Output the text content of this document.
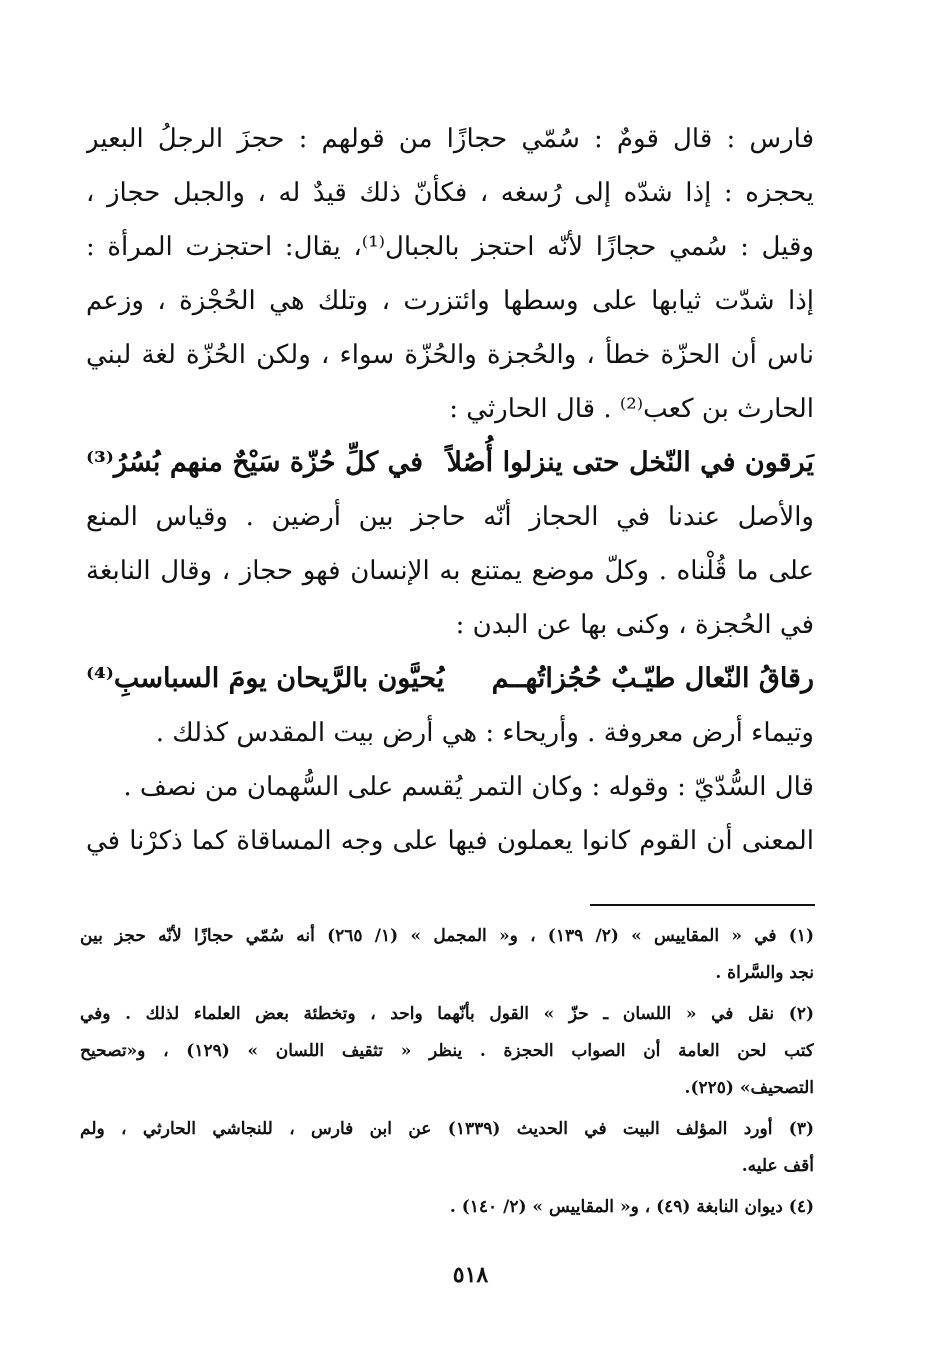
فارس : قال قومٌ : سُمّي حجازًا من قولهم : حجزَ الرجلُ البعير
يحجزه : إذا شدّه إلى رُسغه ، فكأنّ ذلك قيدٌ له ، والجبل حجاز ،
وقيل : سُمي حجازًا لأنّه احتجز بالجبال⁽¹⁾، يقال: احتجزت المرأة :
إذا شدّت ثيابها على وسطها وائتزرت ، وتلك هي الحُجْزة ، وزعم
ناس أن الحزّة خطأ ، والحُجزة والحُزّة سواء ، ولكن الحُزّة لغة لبني
الحارث بن كعب⁽²⁾ . قال الحارثي :
يَرقون في النّخل حتى ينزلوا أُصُلاً
في كلِّ حُزّة سَيْحٌ منهم بُسُرُ⁽³⁾
والأصل عندنا في الحجاز أنّه حاجز بين أرضين . وقياس المنع
على ما قُلْناه . وكلّ موضع يمتنع به الإنسان فهو حجاز ، وقال النابغة
في الحُجزة ، وكنى بها عن البدن :
رقاقُ النّعال طيّـبٌ حُجُزاتُهــم
يُحيَّون بالرَّيحان يومَ السباسبِ⁽⁴⁾
وتيماء أرض معروفة . وأريحاء : هي أرض بيت المقدس كذلك .
قال السُّدّيّ : وقوله : وكان التمر يُقسم على السُّهمان من نصف .
المعنى أن القوم كانوا يعملون فيها على وجه المساقاة كما ذكرْنا في
(١) في « المقاييس » (٢/ ١٣٩) ، و« المجمل » (١/ ٢٦٥) أنه سُمّي حجازًا لأنّه حجز بين
نجد والسَّراة .
(٢) نقل في « اللسان ـ حزّ » القول بأنّهما واحد ، وتخطئة بعض العلماء لذلك . وفي
كتب لحن العامة أن الصواب الحجزة . ينظر « تثقيف اللسان » (١٢٩) ، و«تصحيح
التصحيف» (٢٢٥).
(٣) أورد المؤلف البيت في الحديث (١٣٣٩) عن ابن فارس ، للنجاشي الحارثي ، ولم
أقف عليه.
(٤) ديوان النابغة (٤٩) ، و« المقاييس » (٢/ ١٤٠) .
٥١٨
